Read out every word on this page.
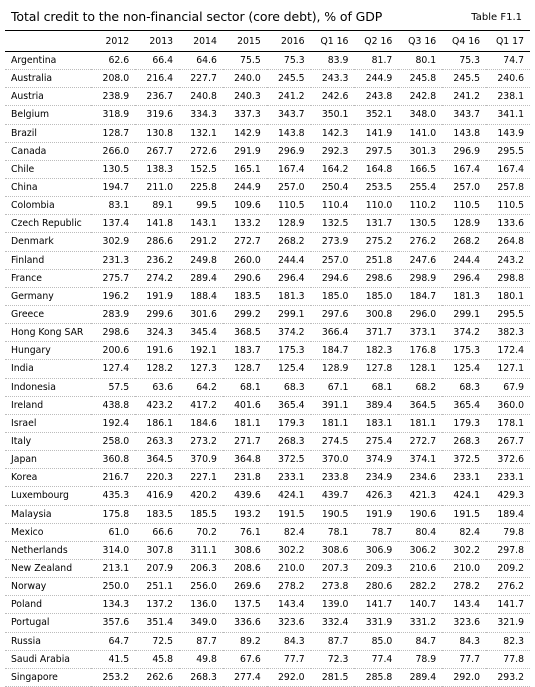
Total credit to the non-financial sector (core debt), % of GDP	Table F1.1
	2012	2013	2014	2015	2016	Q1 16	Q2 16	Q3 16	Q4 16	Q1 17
Argentina	62.6	66.4	64.6	75.5	75.3	83.9	81.7	80.1	75.3	74.7
Australia	208.0	216.4	227.7	240.0	245.5	243.3	244.9	245.8	245.5	240.6
Austria	238.9	236.7	240.8	240.3	241.2	242.6	243.8	242.8	241.2	238.1
Belgium	318.9	319.6	334.3	337.3	343.7	350.1	352.1	348.0	343.7	341.1
Brazil	128.7	130.8	132.1	142.9	143.8	142.3	141.9	141.0	143.8	143.9
Canada	266.0	267.7	272.6	291.9	296.9	292.3	297.5	301.3	296.9	295.5
Chile	130.5	138.3	152.5	165.1	167.4	164.2	164.8	166.5	167.4	167.4
China	194.7	211.0	225.8	244.9	257.0	250.4	253.5	255.4	257.0	257.8
Colombia	83.1	89.1	99.5	109.6	110.5	110.4	110.0	110.2	110.5	110.5
Czech Republic	137.4	141.8	143.1	133.2	128.9	132.5	131.7	130.5	128.9	133.6
Denmark	302.9	286.6	291.2	272.7	268.2	273.9	275.2	276.2	268.2	264.8
Finland	231.3	236.2	249.8	260.0	244.4	257.0	251.8	247.6	244.4	243.2
France	275.7	274.2	289.4	290.6	296.4	294.6	298.6	298.9	296.4	298.8
Germany	196.2	191.9	188.4	183.5	181.3	185.0	185.0	184.7	181.3	180.1
Greece	283.9	299.6	301.6	299.2	299.1	297.6	300.8	296.0	299.1	295.5
Hong Kong SAR	298.6	324.3	345.4	368.5	374.2	366.4	371.7	373.1	374.2	382.3
Hungary	200.6	191.6	192.1	183.7	175.3	184.7	182.3	176.8	175.3	172.4
India	127.4	128.2	127.3	128.7	125.4	128.9	127.8	128.1	125.4	127.1
Indonesia	57.5	63.6	64.2	68.1	68.3	67.1	68.1	68.2	68.3	67.9
Ireland	438.8	423.2	417.2	401.6	365.4	391.1	389.4	364.5	365.4	360.0
Israel	192.4	186.1	184.6	181.1	179.3	181.1	183.1	181.1	179.3	178.1
Italy	258.0	263.3	273.2	271.7	268.3	274.5	275.4	272.7	268.3	267.7
Japan	360.8	364.5	370.9	364.8	372.5	370.0	374.9	374.1	372.5	372.6
Korea	216.7	220.3	227.1	231.8	233.1	233.8	234.9	234.6	233.1	233.1
Luxembourg	435.3	416.9	420.2	439.6	424.1	439.7	426.3	421.3	424.1	429.3
Malaysia	175.8	183.5	185.5	193.2	191.5	190.5	191.9	190.6	191.5	189.4
Mexico	61.0	66.6	70.2	76.1	82.4	78.1	78.7	80.4	82.4	79.8
Netherlands	314.0	307.8	311.1	308.6	302.2	308.6	306.9	306.2	302.2	297.8
New Zealand	213.1	207.9	206.3	208.6	210.0	207.3	209.3	210.6	210.0	209.2
Norway	250.0	251.1	256.0	269.6	278.2	273.8	280.6	282.2	278.2	276.2
Poland	134.3	137.2	136.0	137.5	143.4	139.0	141.7	140.7	143.4	141.7
Portugal	357.6	351.4	349.0	336.6	323.6	332.4	331.9	331.2	323.6	321.9
Russia	64.7	72.5	87.7	89.2	84.3	87.7	85.0	84.7	84.3	82.3
Saudi Arabia	41.5	45.8	49.8	67.6	77.7	72.3	77.4	78.9	77.7	77.8
Singapore	253.2	262.6	268.3	277.4	292.0	281.5	285.8	289.4	292.0	293.2
